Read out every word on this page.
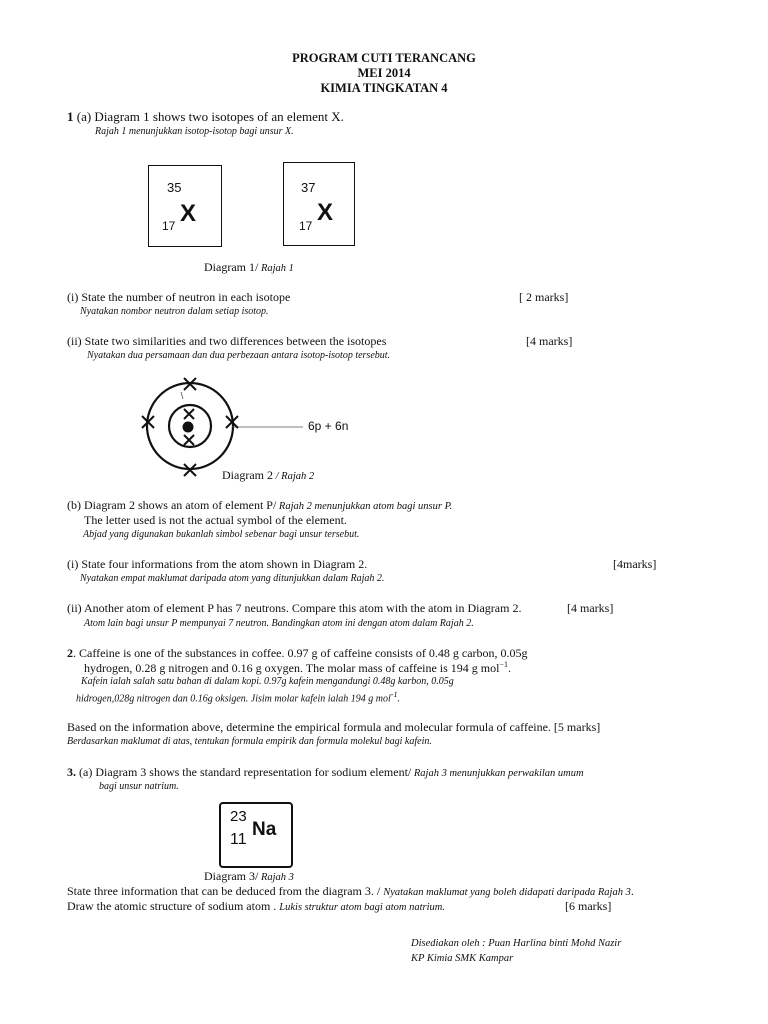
PROGRAM CUTI TERANCANG
MEI 2014
KIMIA TINGKATAN 4
1 (a) Diagram 1 shows two isotopes of an element X.
Rajah 1 menunjukkan isotop-isotop bagi unsur X.
35
17 X
37
17 X
Diagram 1/ Rajah 1
(i) State the number of neutron in each isotope	[ 2 marks]
Nyatakan nombor neutron dalam setiap isotop.
(ii) State two similarities and two differences between the isotopes	[4 marks]
Nyatakan dua persamaan dan dua perbezaan antara isotop-isotop tersebut.
6p + 6n
Diagram 2 / Rajah 2
(b) Diagram 2 shows an atom of element P/ Rajah 2 menunjukkan atom bagi unsur P.
The letter used is not the actual symbol of the element.
Abjad yang digunakan bukanlah simbol sebenar bagi unsur tersebut.
(i) State four informations from the atom shown in Diagram 2.	[4marks]
Nyatakan empat maklumat daripada atom yang ditunjukkan dalam Rajah 2.
(ii) Another atom of element P has 7 neutrons. Compare this atom with the atom in Diagram 2.	[4 marks]
Atom lain bagi unsur P mempunyai 7 neutron. Bandingkan atom ini dengan atom dalam Rajah 2.
2. Caffeine is one of the substances in coffee. 0.97 g of caffeine consists of 0.48 g carbon, 0.05g
hydrogen, 0.28 g nitrogen and 0.16 g oxygen. The molar mass of caffeine is 194 g mol$^{-1}$.
Kafein ialah salah satu bahan di dalam kopi. 0.97g kafein mengandungi 0.48g karbon, 0.05g
hidrogen,028g nitrogen dan 0.16g oksigen. Jisim molar kafein ialah 194 g mol$^{-1}$.
Based on the information above, determine the empirical formula and molecular formula of caffeine. [5 marks]
Berdasarkan maklumat di atas, tentukan formula empirik dan formula molekul bagi kafein.
3. (a) Diagram 3 shows the standard representation for sodium element/ Rajah 3 menunjukkan perwakilan umum
bagi unsur natrium.
23
11 Na
Diagram 3/ Rajah 3
State three information that can be deduced from the diagram 3. / Nyatakan maklumat yang boleh didapati daripada Rajah 3.
Draw the atomic structure of sodium atom . Lukis struktur atom bagi atom natrium.	[6 marks]
Disediakan oleh : Puan Harlina binti Mohd Nazir
KP Kimia SMK Kampar
